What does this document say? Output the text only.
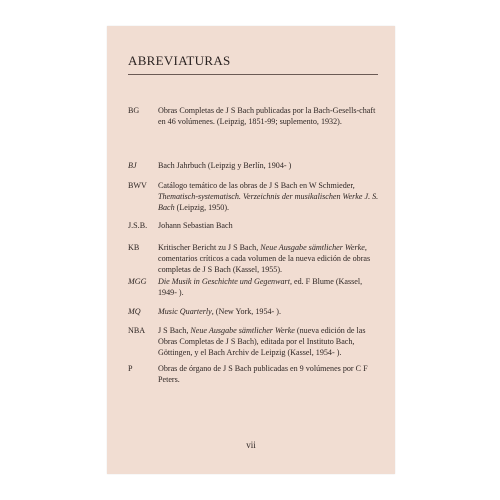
ABREVIATURAS
BG	Obras Completas de J S Bach publicadas por la Bach-Gesells-chaft en 46 volúmenes. (Leipzig, 1851-99; suplemento, 1932).
BJ	Bach Jahrbuch (Leipzig y Berlín, 1904- )
BWV	Catálogo temático de las obras de J S Bach en W Schmieder, Thematisch-systematisch. Verzeichnis der musikalischen Werke J. S. Bach (Leipzig, 1950).
J.S.B.	Johann Sebastian Bach
KB	Kritischer Bericht zu J S Bach, Neue Ausgabe sämtlicher Werke, comentarios críticos a cada volumen de la nueva edición de obras completas de J S Bach (Kassel, 1955).
MGG	Die Musik in Geschichte und Gegenwart, ed. F Blume (Kassel, 1949- ).
MQ	Music Quarterly, (New York, 1954- ).
NBA	J S Bach, Neue Ausgabe sämtlicher Werke (nueva edición de las Obras Completas de J S Bach), editada por el Instituto Bach, Göttingen, y el Bach Archiv de Leipzig (Kassel, 1954- ).
P	Obras de órgano de J S Bach publicadas en 9 volúmenes por C F Peters.
vii
